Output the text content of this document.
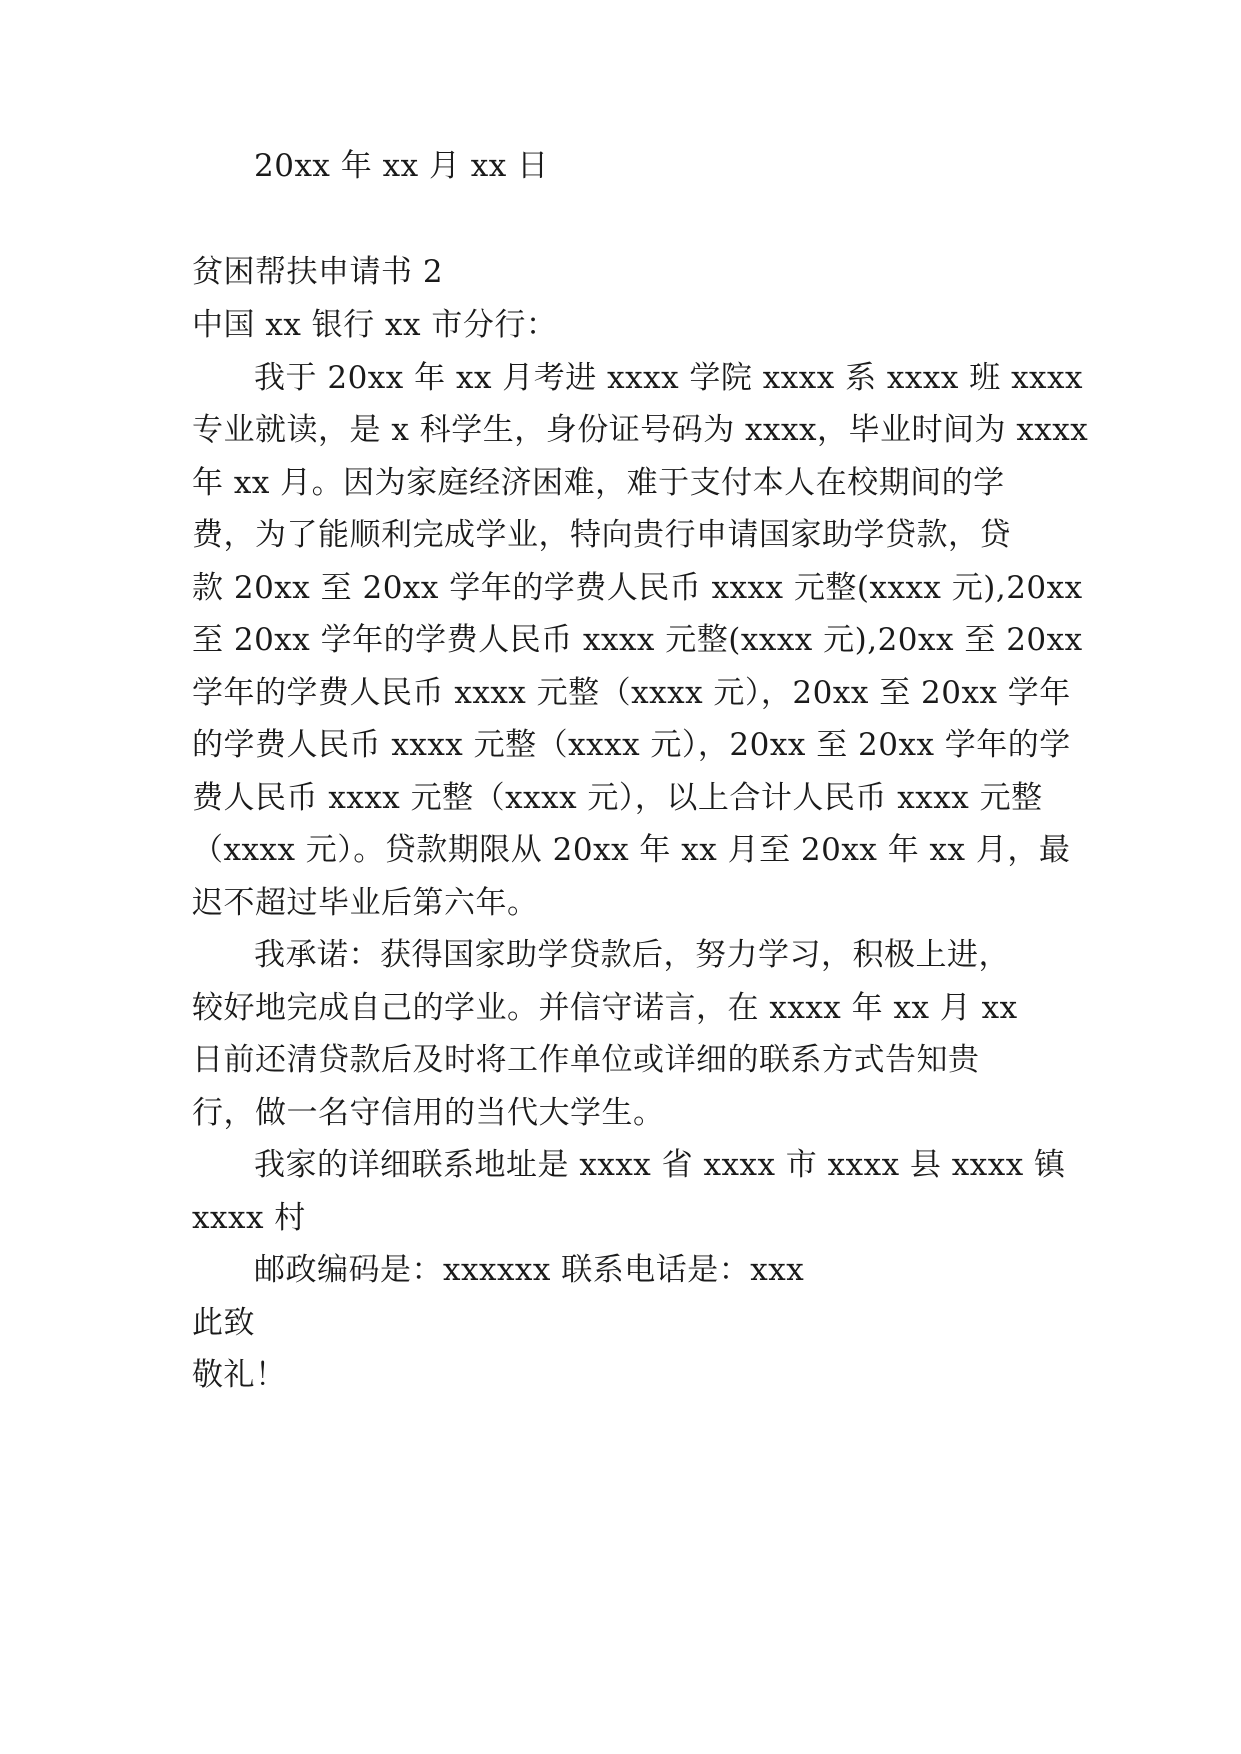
20xx 年 xx 月 xx 日
贫困帮扶申请书 2
中国 xx 银行 xx 市分行：
我于 20xx 年 xx 月考进 xxxx 学院 xxxx 系 xxxx 班 xxxx
专业就读，是 x 科学生，身份证号码为 xxxx，毕业时间为 xxxx
年 xx 月。因为家庭经济困难，难于支付本人在校期间的学
费，为了能顺利完成学业，特向贵行申请国家助学贷款，贷
款 20xx 至 20xx 学年的学费人民币 xxxx 元整(xxxx 元),20xx
至 20xx 学年的学费人民币 xxxx 元整(xxxx 元),20xx 至 20xx
学年的学费人民币 xxxx 元整（xxxx 元），20xx 至 20xx 学年
的学费人民币 xxxx 元整（xxxx 元），20xx 至 20xx 学年的学
费人民币 xxxx 元整（xxxx 元），以上合计人民币 xxxx 元整
（xxxx 元）。贷款期限从 20xx 年 xx 月至 20xx 年 xx 月，最
迟不超过毕业后第六年。
我承诺：获得国家助学贷款后，努力学习，积极上进，
较好地完成自己的学业。并信守诺言，在 xxxx 年 xx 月 xx
日前还清贷款后及时将工作单位或详细的联系方式告知贵
行，做一名守信用的当代大学生。
我家的详细联系地址是 xxxx 省 xxxx 市 xxxx 县 xxxx 镇
xxxx 村
邮政编码是：xxxxxx 联系电话是：xxx
此致
敬礼！
